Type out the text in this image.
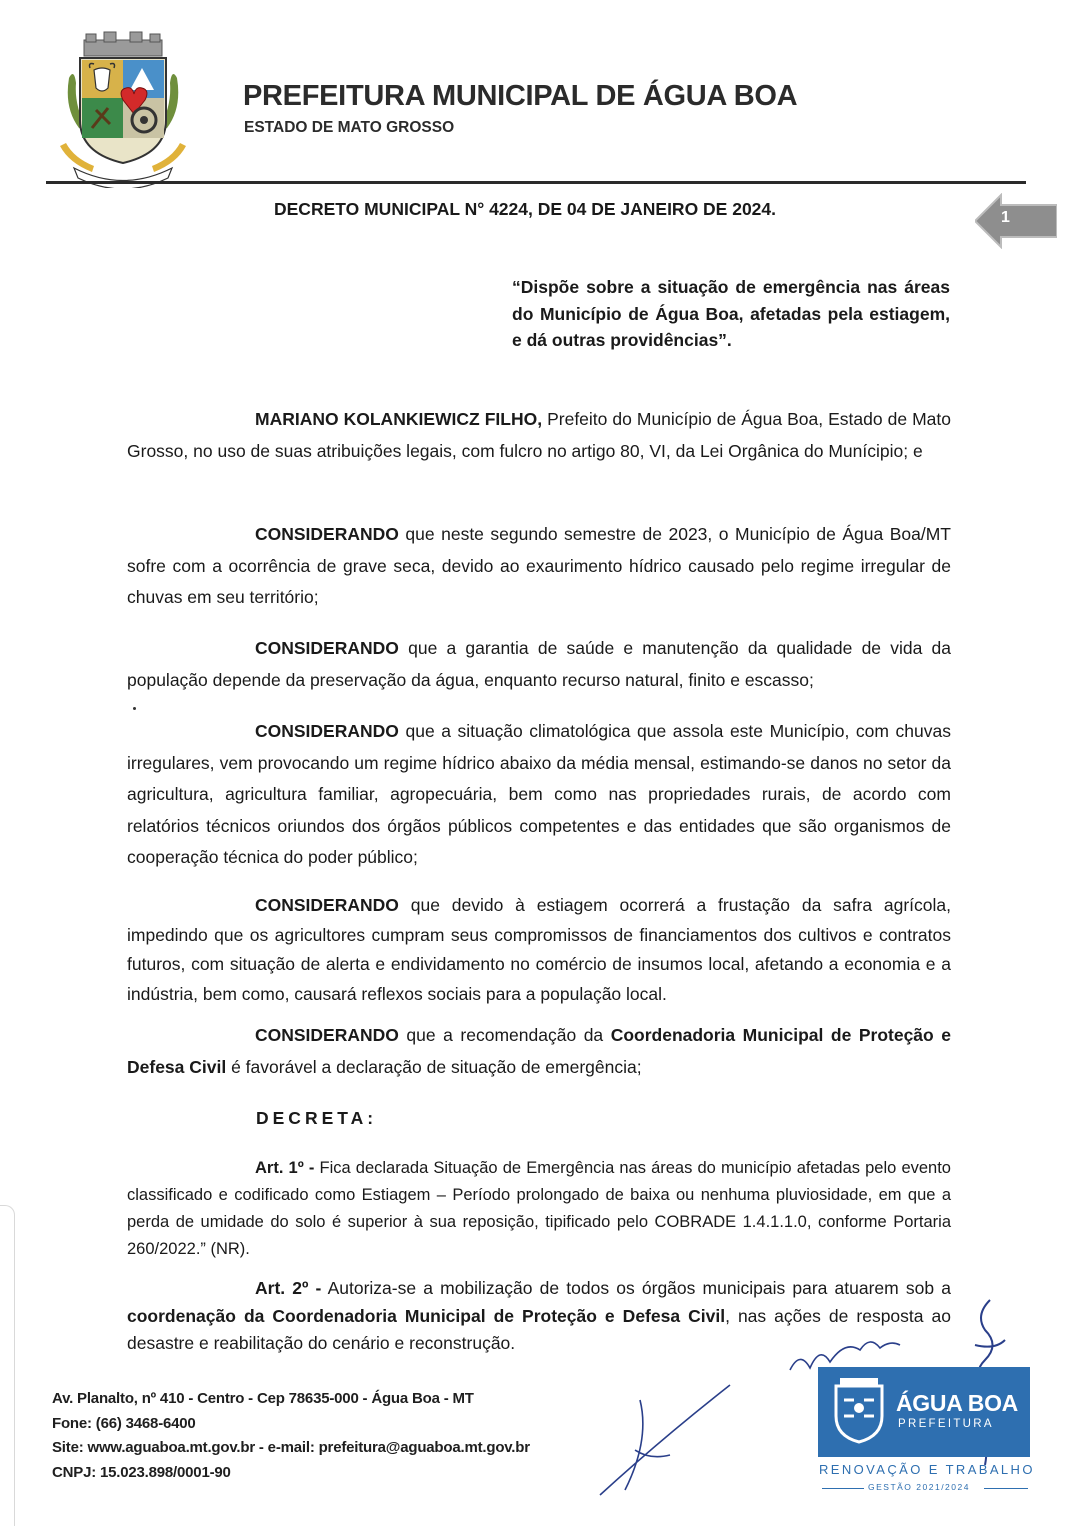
PREFEITURA MUNICIPAL DE ÁGUA BOA
ESTADO DE MATO GROSSO
DECRETO MUNICIPAL N° 4224, DE 04 DE JANEIRO DE 2024.	1
“Dispõe sobre a situação de emergência nas áreas do Município de Água Boa, afetadas pela estiagem, e dá outras providências”.
MARIANO KOLANKIEWICZ FILHO, Prefeito do Município de Água Boa, Estado de Mato Grosso, no uso de suas atribuições legais, com fulcro no artigo 80, VI, da Lei Orgânica do Munícipio; e
CONSIDERANDO que neste segundo semestre de 2023, o Município de Água Boa/MT sofre com a ocorrência de grave seca, devido ao exaurimento hídrico causado pelo regime irregular de chuvas em seu território;
CONSIDERANDO que a garantia de saúde e manutenção da qualidade de vida da população depende da preservação da água, enquanto recurso natural, finito e escasso;
CONSIDERANDO que a situação climatológica que assola este Município, com chuvas irregulares, vem provocando um regime hídrico abaixo da média mensal, estimando-se danos no setor da agricultura, agricultura familiar, agropecuária, bem como nas propriedades rurais, de acordo com relatórios técnicos oriundos dos órgãos públicos competentes e das entidades que são organismos de cooperação técnica do poder público;
CONSIDERANDO que devido à estiagem ocorrerá a frustação da safra agrícola, impedindo que os agricultores cumpram seus compromissos de financiamentos dos cultivos e contratos futuros, com situação de alerta e endividamento no comércio de insumos local, afetando a economia e a indústria, bem como, causará reflexos sociais para a população local.
CONSIDERANDO que a recomendação da Coordenadoria Municipal de Proteção e Defesa Civil é favorável a declaração de situação de emergência;
DECRETA:
Art. 1º - Fica declarada Situação de Emergência nas áreas do município afetadas pelo evento classificado e codificado como Estiagem – Período prolongado de baixa ou nenhuma pluviosidade, em que a perda de umidade do solo é superior à sua reposição, tipificado pelo COBRADE 1.4.1.1.0, conforme Portaria 260/2022.” (NR).
Art. 2º - Autoriza-se a mobilização de todos os órgãos municipais para atuarem sob a coordenação da Coordenadoria Municipal de Proteção e Defesa Civil, nas ações de resposta ao desastre e reabilitação do cenário e reconstrução.
Av. Planalto, nº 410 - Centro - Cep 78635-000 - Água Boa - MT
Fone: (66) 3468-6400
Site: www.aguaboa.mt.gov.br - e-mail: prefeitura@aguaboa.mt.gov.br
CNPJ: 15.023.898/0001-90
ÁGUA BOA
PREFEITURA
RENOVAÇÃO E TRABALHO
GESTÃO 2021/2024
